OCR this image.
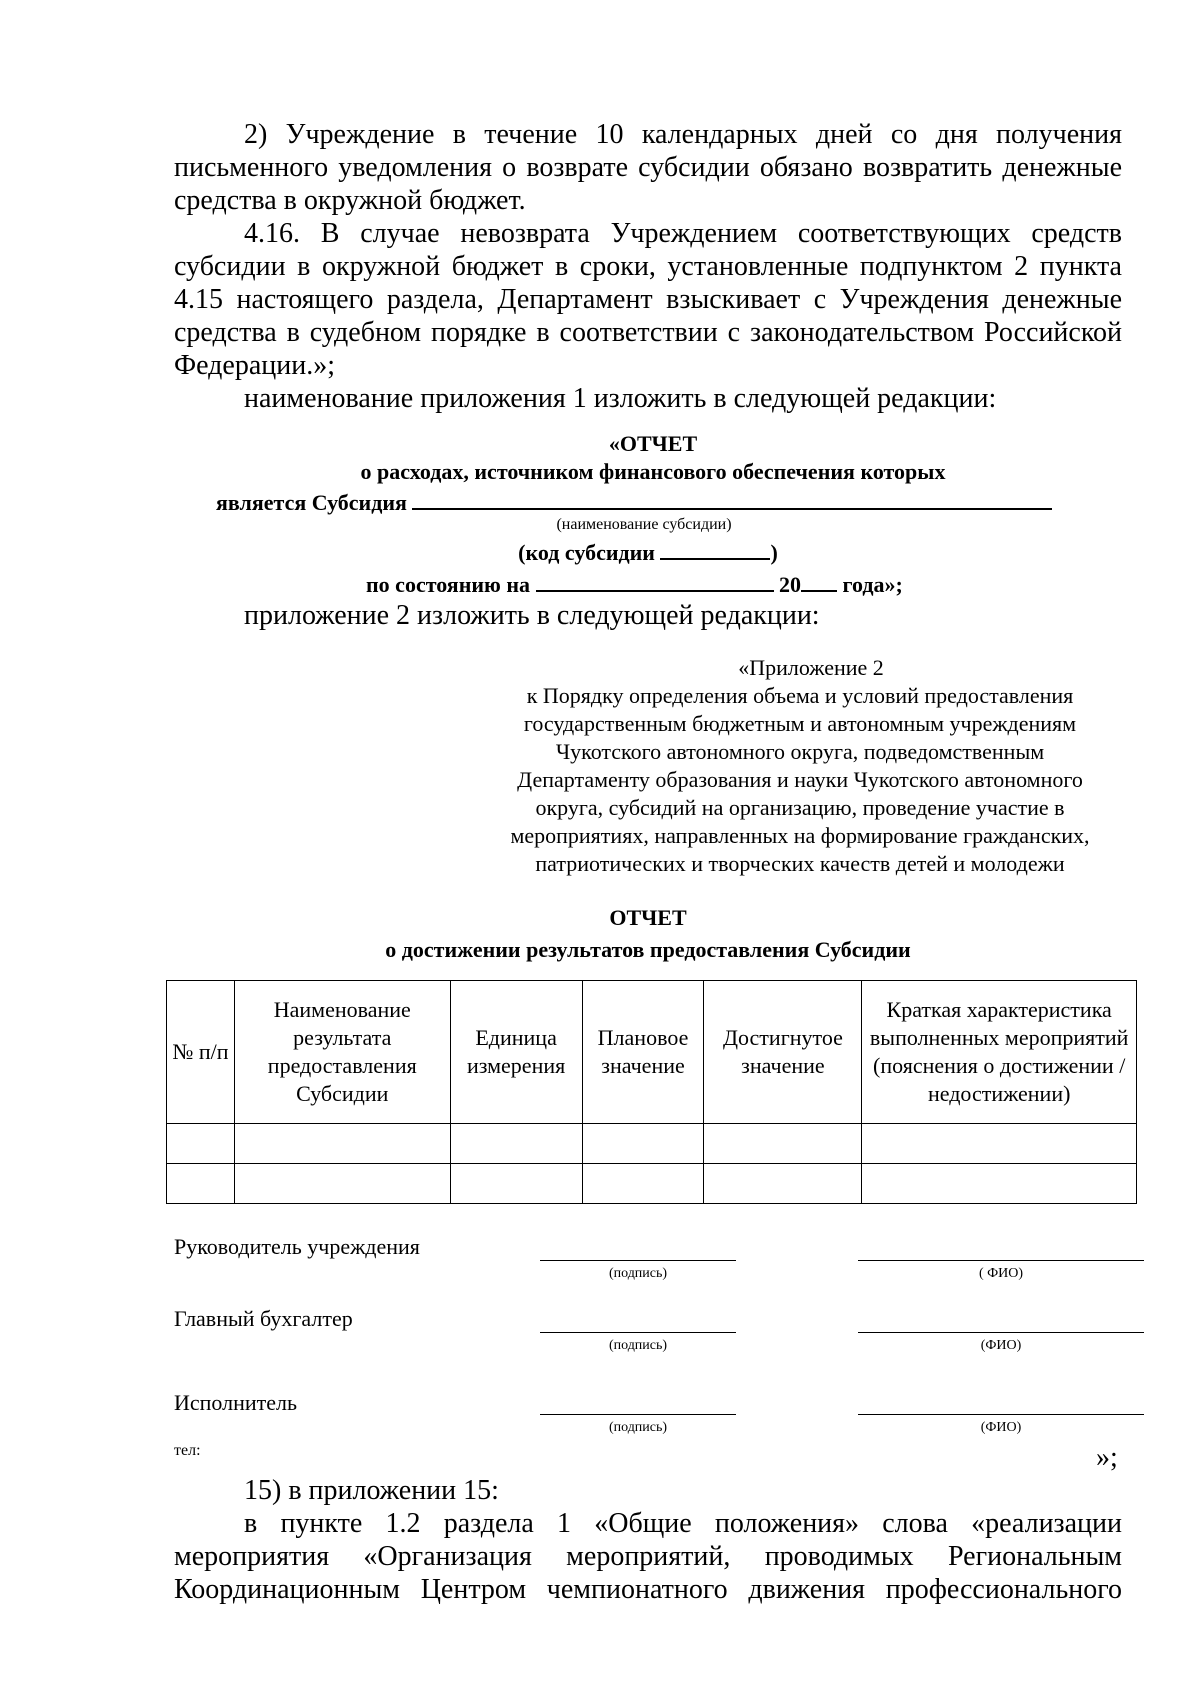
2) Учреждение в течение 10 календарных дней со дня получения письменного уведомления о возврате субсидии обязано возвратить денежные средства в окружной бюджет.

4.16. В случае невозврата Учреждением соответствующих средств субсидии в окружной бюджет в сроки, установленные подпунктом 2 пункта 4.15 настоящего раздела, Департамент взыскивает с Учреждения денежные средства в судебном порядке в соответствии с законодательством Российской Федерации.»;

наименование приложения 1 изложить в следующей редакции:

«ОТЧЕТ
о расходах, источником финансового обеспечения которых
является Субсидия
(наименование субсидии)
(код субсидии	)
по состоянию на	20 года»;
приложение 2 изложить в следующей редакции:
«Приложение 2
к Порядку определения объема и условий предоставления
государственным бюджетным и автономным учреждениям
Чукотского автономного округа, подведомственным
Департаменту образования и науки Чукотского автономного
округа, субсидий на организацию, проведение участие в
мероприятиях, направленных на формирование гражданских,
патриотических и творческих качеств детей и молодежи
ОТЧЕТ
о достижении результатов предоставления Субсидии
№ п/п	Наименование результата предоставления Субсидии	Единица измерения	Плановое значение	Достигнутое значение	Краткая характеристика выполненных мероприятий (пояснения о достижении / недостижении)

Руководитель учреждения
(подпись)	( ФИО)
Главный бухгалтер
(подпись)	(ФИО)
Исполнитель
(подпись)	(ФИО)
тел:	»;

15) в приложении 15:

в пункте 1.2 раздела 1 «Общие положения» слова «реализации мероприятия «Организация мероприятий, проводимых Региональным Координационным Центром чемпионатного движения профессионального
